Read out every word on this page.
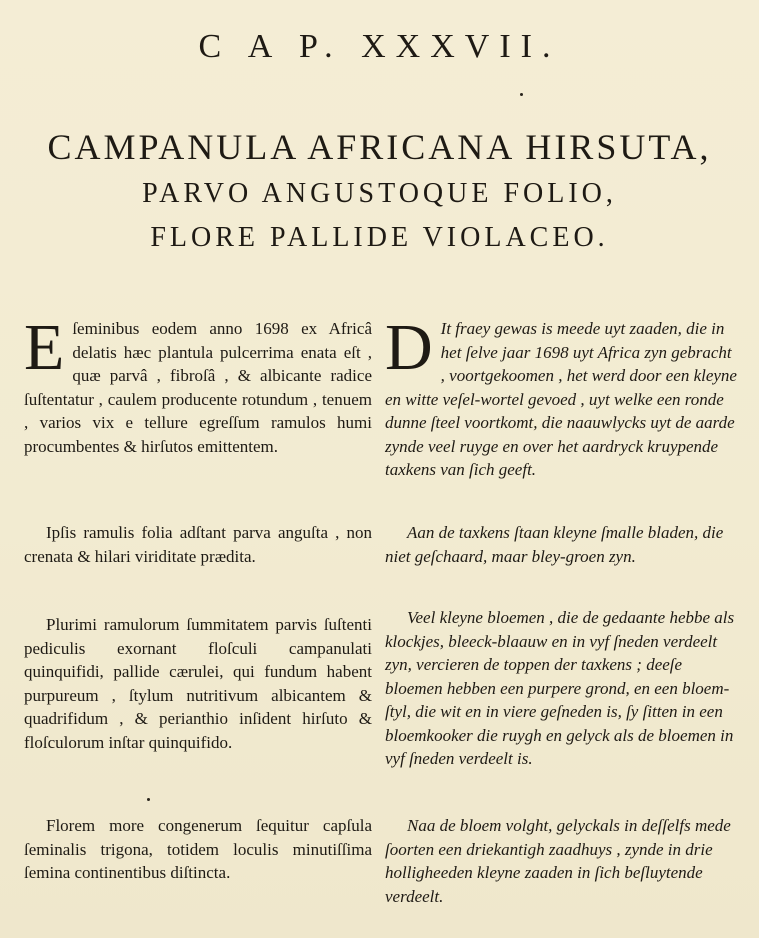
C A P. XXXVII.
CAMPANULA AFRICANA HIRSUTA,
PARVO ANGUSTOQUE FOLIO,
FLORE PALLIDE VIOLACEO.
E ſeminibus eodem anno 1698 ex Africâ delatis hæc plantula pulcerrima enata eſt , quæ parvâ , fibroſâ , & albicante radice ſuſtentatur , caulem producente rotundum , tenuem , varios vix e tellure egreſſum ramulos humi procumbentes & hirſutos emittentem.
Ipſis ramulis folia adſtant parva anguſta , non crenata & hilari viriditate prædita.
Plurimi ramulorum ſummitatem parvis ſuſtenti pediculis exornant floſculi campanulati quinquifidi, pallide cærulei, qui fundum habent purpureum , ſtylum nutritivum albicantem & quadrifidum , & perianthio inſident hirſuto & floſculorum inſtar quinquifido.
Florem more congenerum ſequitur capſula ſeminalis trigona, totidem loculis minutiſſima ſemina continentibus diſtincta.
D It fraey gewas is meede uyt zaaden, die in het ſelve jaar 1698 uyt Africa zyn gebracht , voortgekoomen , het werd door een kleyne en witte veſel-wortel gevoed , uyt welke een ronde dunne ſteel voortkomt, die naauwlycks uyt de aarde zynde veel ruyge en over het aardryck kruypende taxkens van ſich geeft.
Aan de taxkens ſtaan kleyne ſmalle bladen, die niet geſchaard, maar bley-groen zyn.
Veel kleyne bloemen , die de gedaante hebbe als klockjes, bleeck-blaauw en in vyf ſneden verdeelt zyn, vercieren de toppen der taxkens ; deeſe bloemen hebben een purpere grond, en een bloem-ſtyl, die wit en in viere geſneden is, ſy ſitten in een bloemkooker die ruygh en gelyck als de bloemen in vyf ſneden verdeelt is.
Naa de bloem volght, gelyckals in deſſelfs mede ſoorten een driekantigh zaadhuys , zynde in drie holligheeden kleyne zaaden in ſich beſluytende verdeelt.
